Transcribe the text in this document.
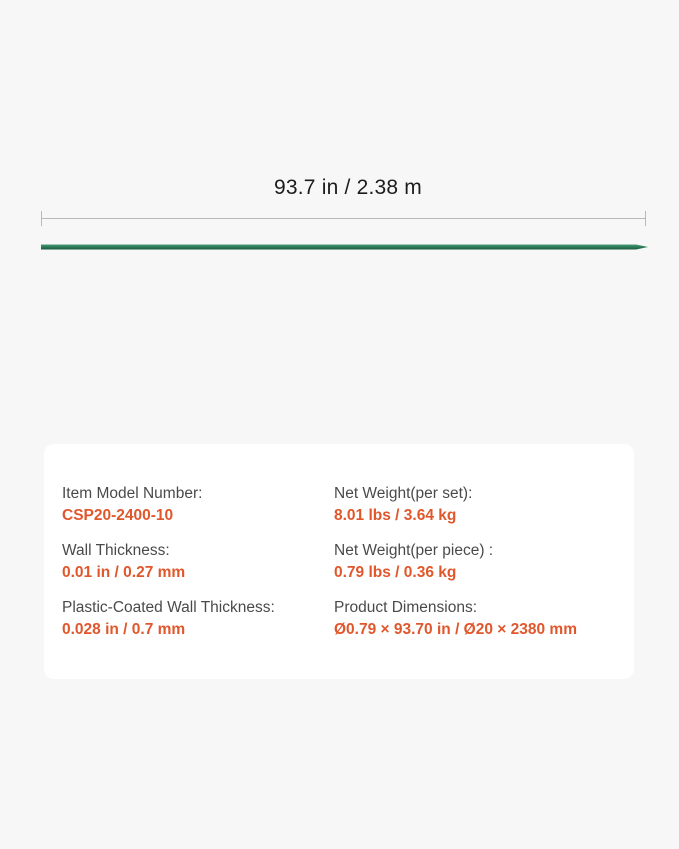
93.7 in / 2.38 m
Item Model Number:
CSP20-2400-10
Wall Thickness:
0.01 in / 0.27 mm
Plastic-Coated Wall Thickness:
0.028 in / 0.7 mm
Net Weight(per set):
8.01 lbs / 3.64 kg
Net Weight(per piece) :
0.79 lbs / 0.36 kg
Product Dimensions:
Ø0.79 × 93.70 in / Ø20 × 2380 mm
